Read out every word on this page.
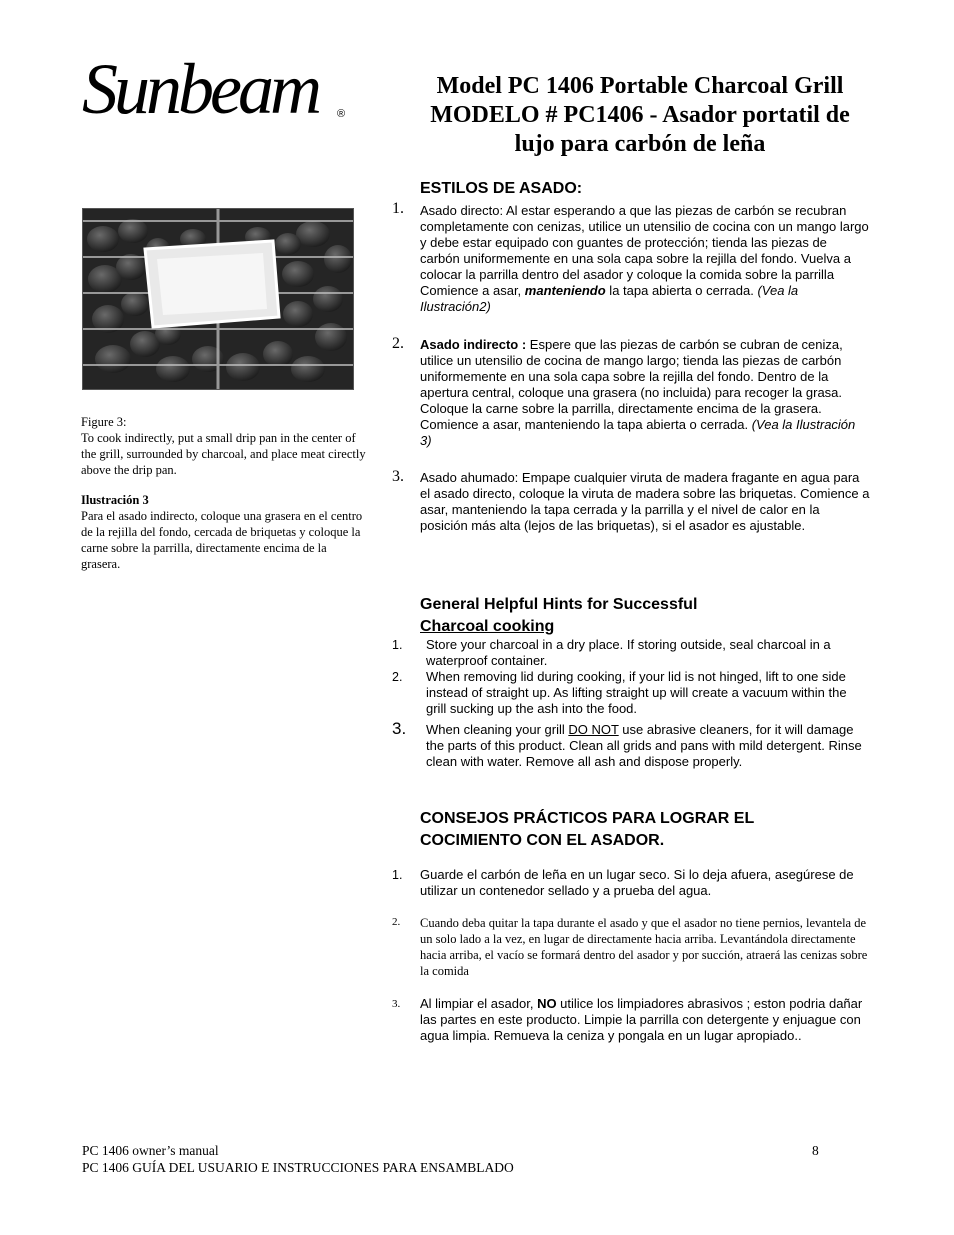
Sunbeam ®
Model PC 1406 Portable Charcoal Grill
MODELO # PC1406 - Asador portatil de
lujo para carbón de leña
Figure 3:
To cook indirectly, put a small drip pan in the center of the grill, surrounded by charcoal, and place meat cirectly above the drip pan.
Ilustración 3
Para el asado indirecto, coloque una grasera en el centro de la rejilla del fondo, cercada de briquetas y coloque la carne sobre la parrilla, directamente encima de la grasera.
ESTILOS DE ASADO:
1. Asado directo: Al estar esperando a que las piezas de carbón se recubran completamente con cenizas, utilice un utensilio de cocina con un mango largo y debe estar equipado con guantes de protección; tienda las piezas de carbón uniformemente en una sola capa sobre la rejilla del fondo. Vuelva a colocar la parrilla dentro del asador y coloque la comida sobre la parrilla Comience a asar, manteniendo la tapa abierta o cerrada. (Vea la Ilustración2)
2. Asado indirecto : Espere que las piezas de carbón se cubran de ceniza, utilice un utensilio de cocina de mango largo; tienda las piezas de carbón uniformemente en una sola capa sobre la rejilla del fondo. Dentro de la apertura central, coloque una grasera (no incluida) para recoger la grasa. Coloque la carne sobre la parrilla, directamente encima de la grasera. Comience a asar, manteniendo la tapa abierta o cerrada. (Vea la Ilustración 3)
3. Asado ahumado: Empape cualquier viruta de madera fragante en agua para el asado directo, coloque la viruta de madera sobre las briquetas. Comience a asar, manteniendo la tapa cerrada y la parrilla y el nivel de calor en la posición más alta (lejos de las briquetas), si el asador es ajustable.
General Helpful Hints for Successful
Charcoal cooking
1. Store your charcoal in a dry place. If storing outside, seal charcoal in a waterproof container.
2. When removing lid during cooking, if your lid is not hinged, lift to one side instead of straight up. As lifting straight up will create a vacuum within the grill sucking up the ash into the food.
3. When cleaning your grill DO NOT use abrasive cleaners, for it will damage the parts of this product. Clean all grids and pans with mild detergent. Rinse clean with water. Remove all ash and dispose properly.
CONSEJOS PRÁCTICOS PARA LOGRAR EL
COCIMIENTO CON EL ASADOR.
1. Guarde el carbón de leña en un lugar seco. Si lo deja afuera, asegúrese de utilizar un contenedor sellado y a prueba del agua.
2. Cuando deba quitar la tapa durante el asado y que el asador no tiene pernios, levantela de un solo lado a la vez, en lugar de directamente hacia arriba. Levantándola directamente hacia arriba, el vacío se formará dentro del asador y por succión, atraerá las cenizas sobre la comida
3. Al limpiar el asador, NO utilice los limpiadores abrasivos ; eston podria dañar las partes en este producto. Limpie la parrilla con detergente y enjuague con agua limpia. Remueva la ceniza y pongala en un lugar apropiado..
PC 1406 owner’s manual	8
PC 1406 GUÍA DEL USUARIO E INSTRUCCIONES PARA ENSAMBLADO
